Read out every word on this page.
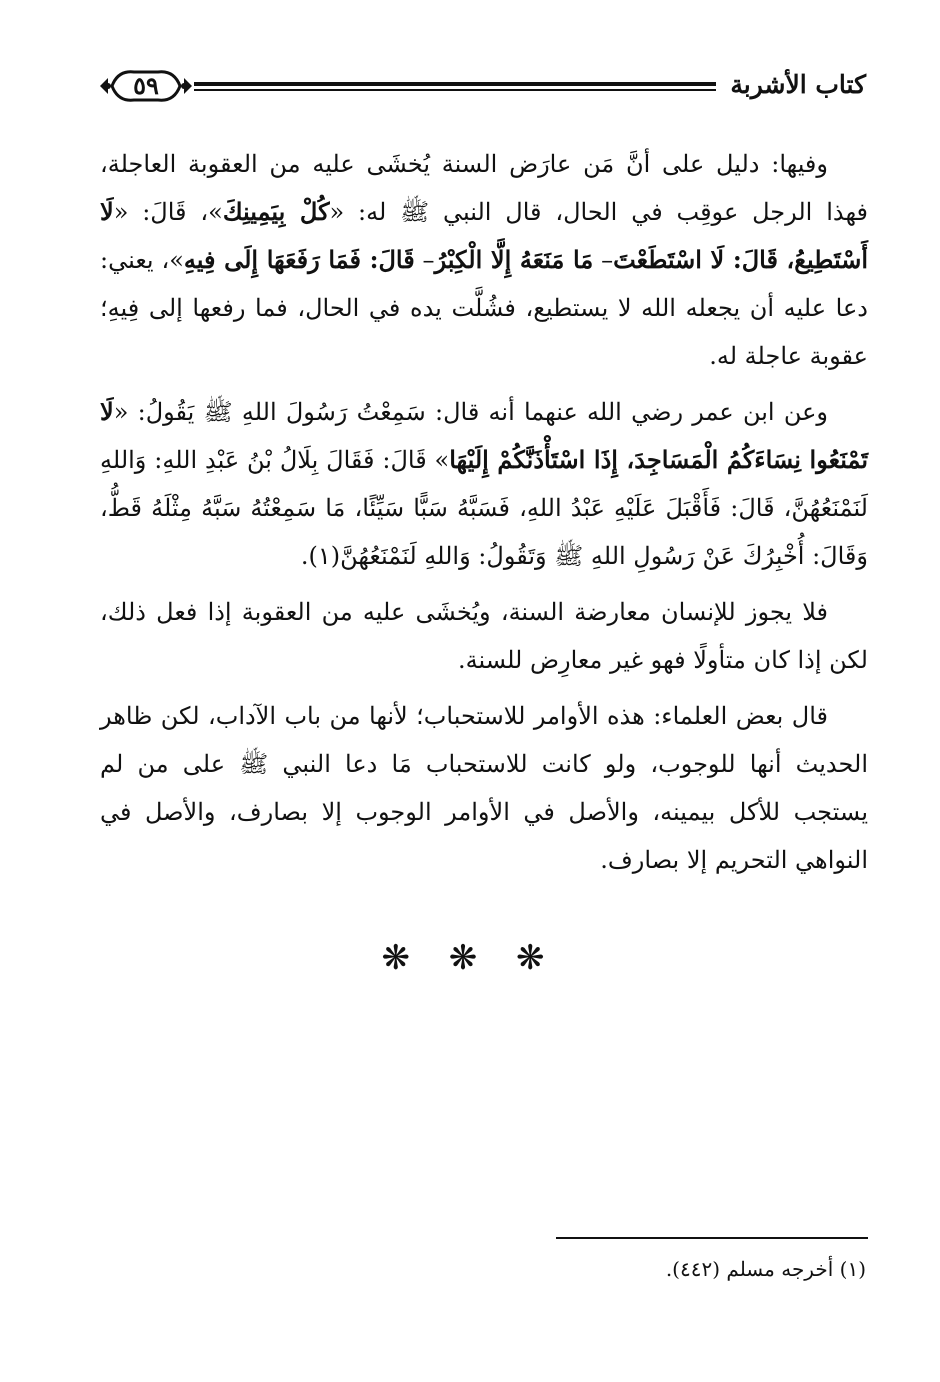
٥٩	كتاب الأشربة

وفيها: دليل على أنَّ مَن عارَض السنة يُخشَى عليه من العقوبة العاجلة، فهذا الرجل عوقِب في الحال، قال النبي ﷺ له: «كُلْ بِيَمِينِكَ»، قَالَ: «لَا أَسْتَطِيعُ، قَالَ: لَا اسْتَطَعْتَ– مَا مَنَعَهُ إِلَّا الْكِبْرُ– قَالَ: فَمَا رَفَعَهَا إِلَى فِيهِ»، يعني: دعا عليه أن يجعله الله لا يستطيع، فشُلَّت يده في الحال، فما رفعها إلى فِيهِ؛ عقوبة عاجلة له.

وعن ابن عمر رضي الله عنهما أنه قال: سَمِعْتُ رَسُولَ اللهِ ﷺ يَقُولُ: «لَا تَمْنَعُوا نِسَاءَكُمُ الْمَسَاجِدَ، إِذَا اسْتَأْذَنَّكُمْ إِلَيْهَا» قَالَ: فَقَالَ بِلَالُ بْنُ عَبْدِ اللهِ: وَاللهِ لَنَمْنَعُهُنَّ، قَالَ: فَأَقْبَلَ عَلَيْهِ عَبْدُ اللهِ، فَسَبَّهُ سَبًّا سَيِّئًا، مَا سَمِعْتُهُ سَبَّهُ مِثْلَهُ قَطُّ، وَقَالَ: أُخْبِرُكَ عَنْ رَسُولِ اللهِ ﷺ وَتَقُولُ: وَاللهِ لَنَمْنَعُهُنَّ(١).

فلا يجوز للإنسان معارضة السنة، ويُخشَى عليه من العقوبة إذا فعل ذلك، لكن إذا كان متأولًا فهو غير معارِض للسنة.

قال بعض العلماء: هذه الأوامر للاستحباب؛ لأنها من باب الآداب، لكن ظاهر الحديث أنها للوجوب، ولو كانت للاستحباب مَا دعا النبي ﷺ على من لم يستجب للأكل بيمينه، والأصل في الأوامر الوجوب إلا بصارف، والأصل في النواهي التحريم إلا بصارف.

❋ ❋ ❋
(١) أخرجه مسلم (٤٤٢).
